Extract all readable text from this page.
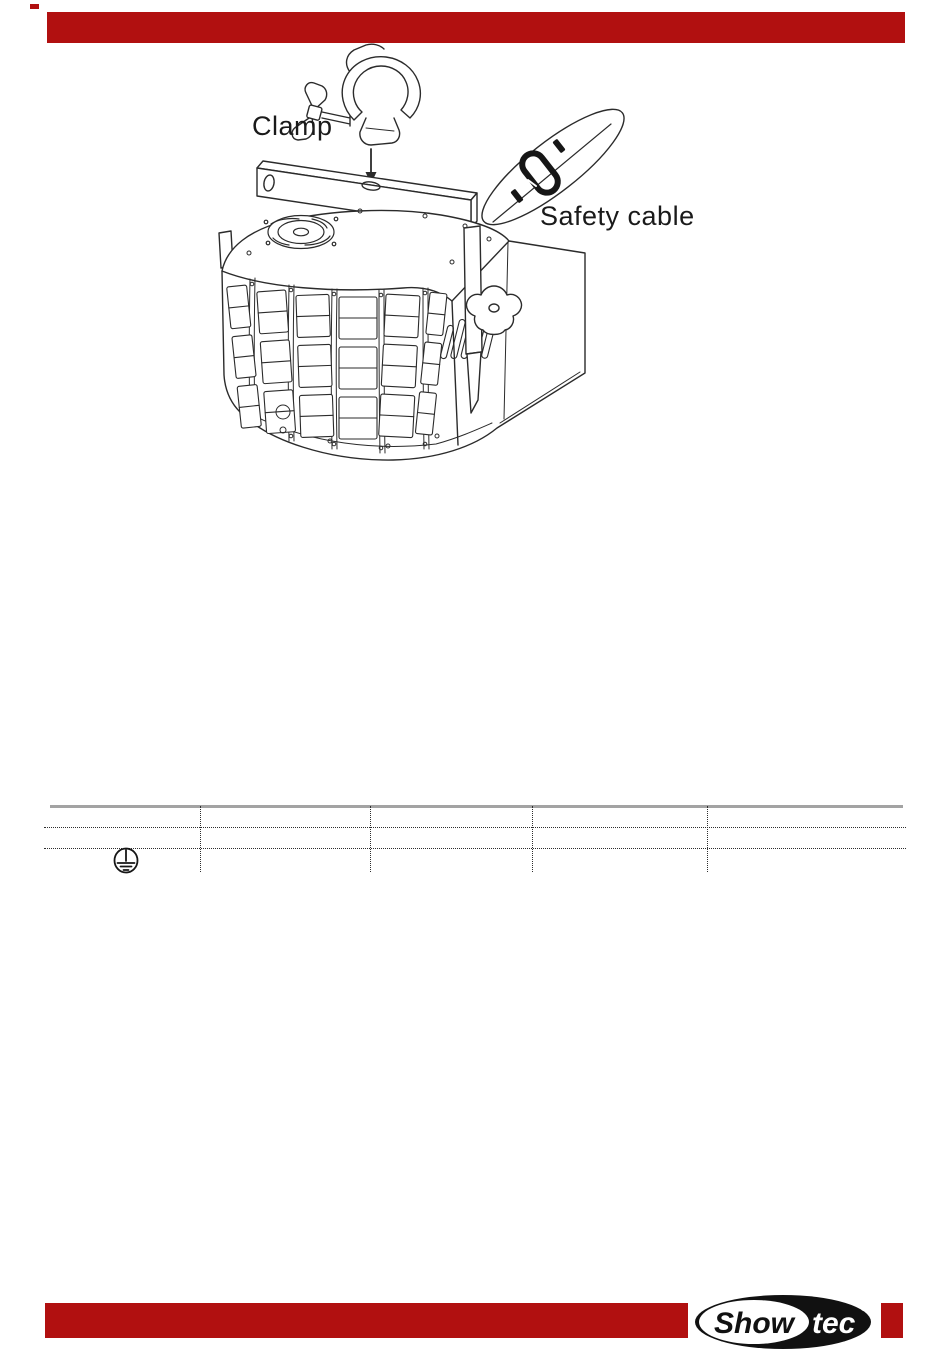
Clamp
Safety cable
Show tec ®
